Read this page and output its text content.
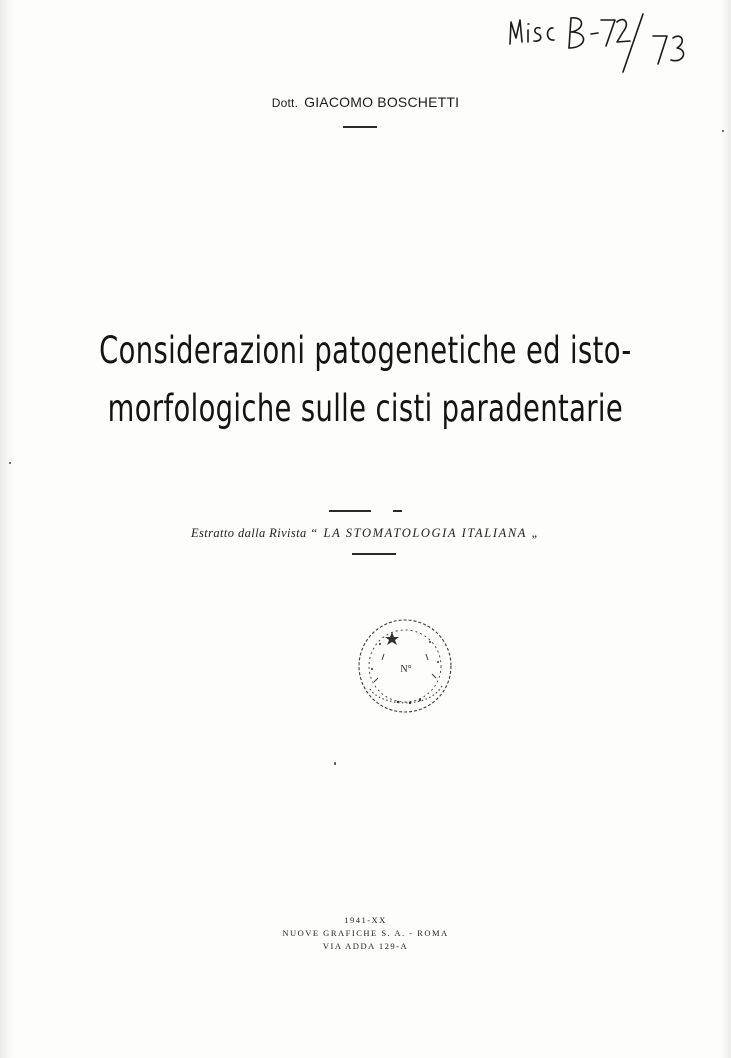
Dott. GIACOMO BOSCHETTI
Considerazioni patogenetiche ed isto-
morfologiche sulle cisti paradentarie
Estratto dalla Rivista “ LA STOMATOLOGIA ITALIANA „
N°
1941-XX
NUOVE GRAFICHE S. A. - ROMA
VIA ADDA 129-A
